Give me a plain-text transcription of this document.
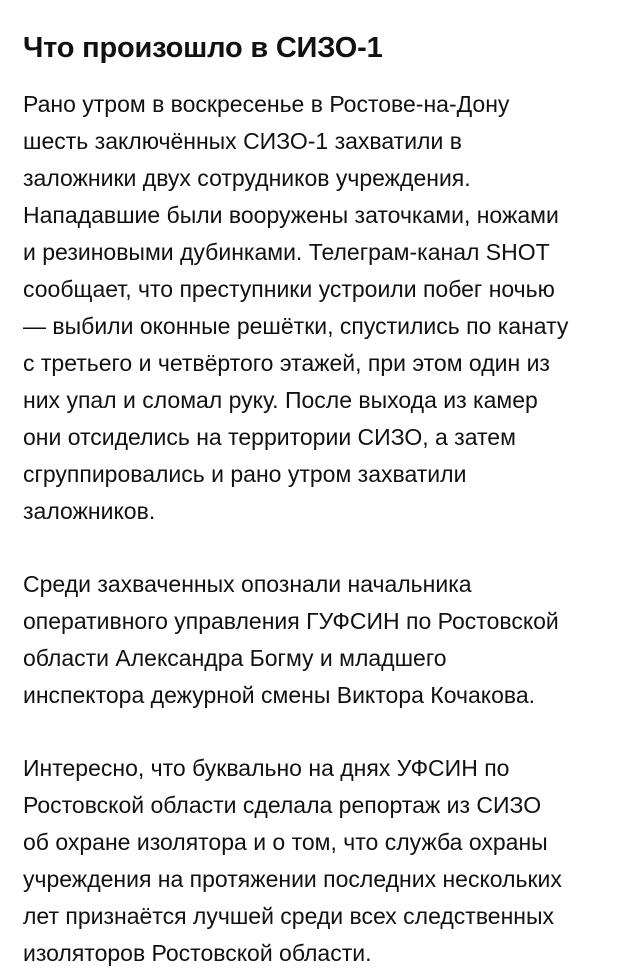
Что произошло в СИЗО-1

Рано утром в воскресенье в Ростове-на-Дону
шесть заключённых СИЗО-1 захватили в
заложники двух сотрудников учреждения.
Нападавшие были вооружены заточками, ножами
и резиновыми дубинками. Телеграм-канал SHOT
сообщает, что преступники устроили побег ночью
— выбили оконные решётки, спустились по канату
с третьего и четвёртого этажей, при этом один из
них упал и сломал руку. После выхода из камер
они отсиделись на территории СИЗО, а затем
сгруппировались и рано утром захватили
заложников.

Среди захваченных опознали начальника
оперативного управления ГУФСИН по Ростовской
области Александра Богму и младшего
инспектора дежурной смены Виктора Кочакова.

Интересно, что буквально на днях УФСИН по
Ростовской области сделала репортаж из СИЗО
об охране изолятора и о том, что служба охраны
учреждения на протяжении последних нескольких
лет признаётся лучшей среди всех следственных
изоляторов Ростовской области.
